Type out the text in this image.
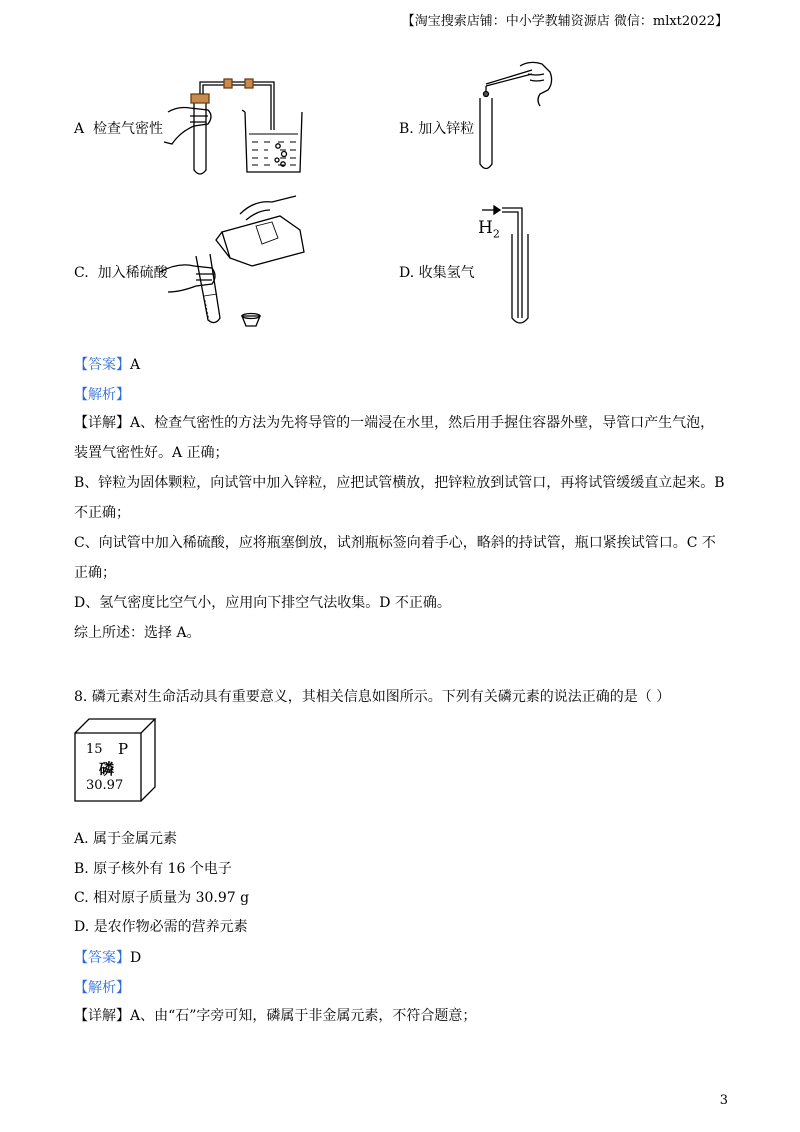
【淘宝搜索店铺：中小学教辅资源店 微信：mlxt2022】
A 检查气密性	B. 加入锌粒
C. 加入稀硫酸	D. 收集氢气
$H_2$
【答案】A
【解析】
【详解】A、检查气密性的方法为先将导管的一端浸在水里，然后用手握住容器外壁，导管口产生气泡，
装置气密性好。A 正确；
B、锌粒为固体颗粒，向试管中加入锌粒，应把试管横放，把锌粒放到试管口，再将试管缓缓直立起来。B
不正确；
C、向试管中加入稀硫酸，应将瓶塞倒放，试剂瓶标签向着手心，略斜的持试管，瓶口紧挨试管口。C 不
正确；
D、氢气密度比空气小，应用向下排空气法收集。D 不正确。
综上所述：选择 A。
8. 磷元素对生命活动具有重要意义，其相关信息如图所示。下列有关磷元素的说法正确的是（ ）
15 P
磷
30.97
A. 属于金属元素
B. 原子核外有 16 个电子
C. 相对原子质量为 30.97 g
D. 是农作物必需的营养元素
【答案】D
【解析】
【详解】A、由“石”字旁可知，磷属于非金属元素，不符合题意；
3
